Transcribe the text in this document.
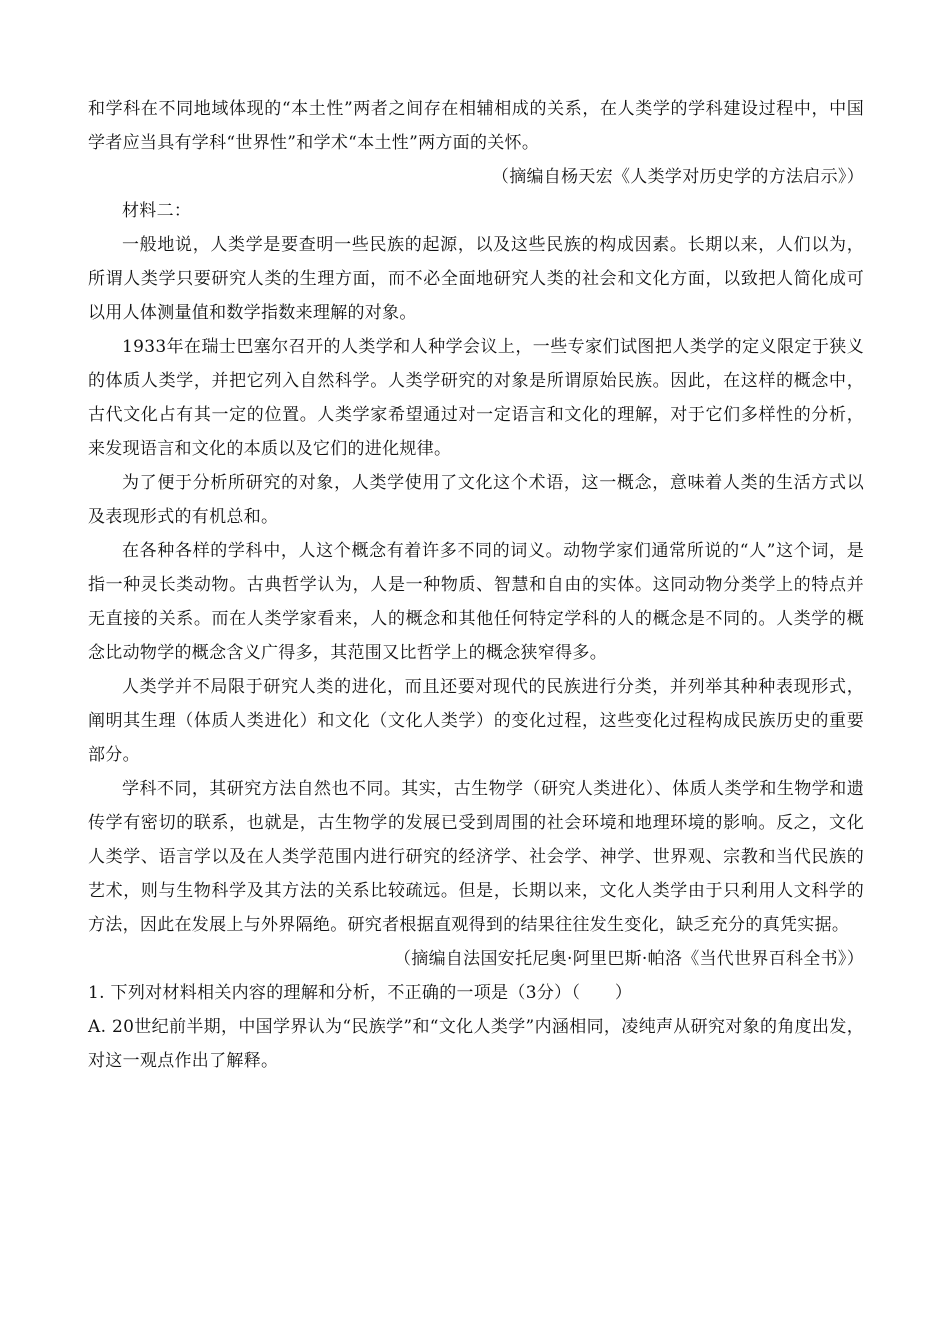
和学科在不同地域体现的“本土性”两者之间存在相辅相成的关系，在人类学的学科建设过程中，中国学者应当具有学科“世界性”和学术“本土性”两方面的关怀。

（摘编自杨天宏《人类学对历史学的方法启示》）

材料二：

一般地说，人类学是要查明一些民族的起源，以及这些民族的构成因素。长期以来，人们以为，所谓人类学只要研究人类的生理方面，而不必全面地研究人类的社会和文化方面，以致把人简化成可以用人体测量值和数学指数来理解的对象。

1933年在瑞士巴塞尔召开的人类学和人种学会议上，一些专家们试图把人类学的定义限定于狭义的体质人类学，并把它列入自然科学。人类学研究的对象是所谓原始民族。因此，在这样的概念中，古代文化占有其一定的位置。人类学家希望通过对一定语言和文化的理解，对于它们多样性的分析，来发现语言和文化的本质以及它们的进化规律。

为了便于分析所研究的对象，人类学使用了文化这个术语，这一概念，意味着人类的生活方式以及表现形式的有机总和。

在各种各样的学科中，人这个概念有着许多不同的词义。动物学家们通常所说的“人”这个词，是指一种灵长类动物。古典哲学认为，人是一种物质、智慧和自由的实体。这同动物分类学上的特点并无直接的关系。而在人类学家看来，人的概念和其他任何特定学科的人的概念是不同的。人类学的概念比动物学的概念含义广得多，其范围又比哲学上的概念狭窄得多。

人类学并不局限于研究人类的进化，而且还要对现代的民族进行分类，并列举其种种表现形式，阐明其生理（体质人类进化）和文化（文化人类学）的变化过程，这些变化过程构成民族历史的重要部分。

学科不同，其研究方法自然也不同。其实，古生物学（研究人类进化）、体质人类学和生物学和遗传学有密切的联系，也就是，古生物学的发展已受到周围的社会环境和地理环境的影响。反之，文化人类学、语言学以及在人类学范围内进行研究的经济学、社会学、神学、世界观、宗教和当代民族的艺术，则与生物科学及其方法的关系比较疏远。但是，长期以来，文化人类学由于只利用人文科学的方法，因此在发展上与外界隔绝。研究者根据直观得到的结果往往发生变化，缺乏充分的真凭实据。

（摘编自法国安托尼奥·阿里巴斯·帕洛《当代世界百科全书》）

1. 下列对材料相关内容的理解和分析，不正确的一项是（3分）（　　）

A. 20世纪前半期，中国学界认为“民族学”和“文化人类学”内涵相同，凌纯声从研究对象的角度出发，对这一观点作出了解释。
